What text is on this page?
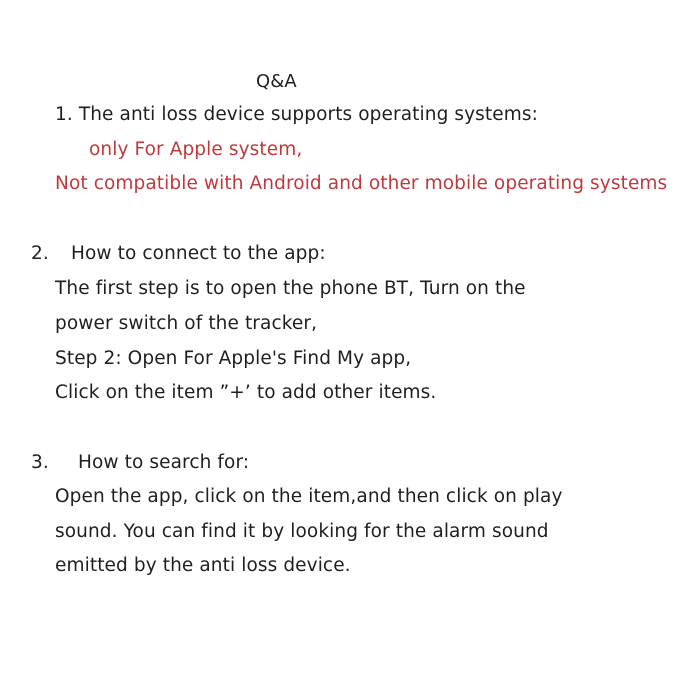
Q&A
1. The anti loss device supports operating systems:
only For Apple system,
Not compatible with Android and other mobile operating systems
2. How to connect to the app:
The first step is to open the phone BT, Turn on the
power switch of the tracker,
Step 2: Open For Apple's Find My app,
Click on the item ”+’ to add other items.
3. How to search for:
Open the app, click on the item,and then click on play
sound. You can find it by looking for the alarm sound
emitted by the anti loss device.
